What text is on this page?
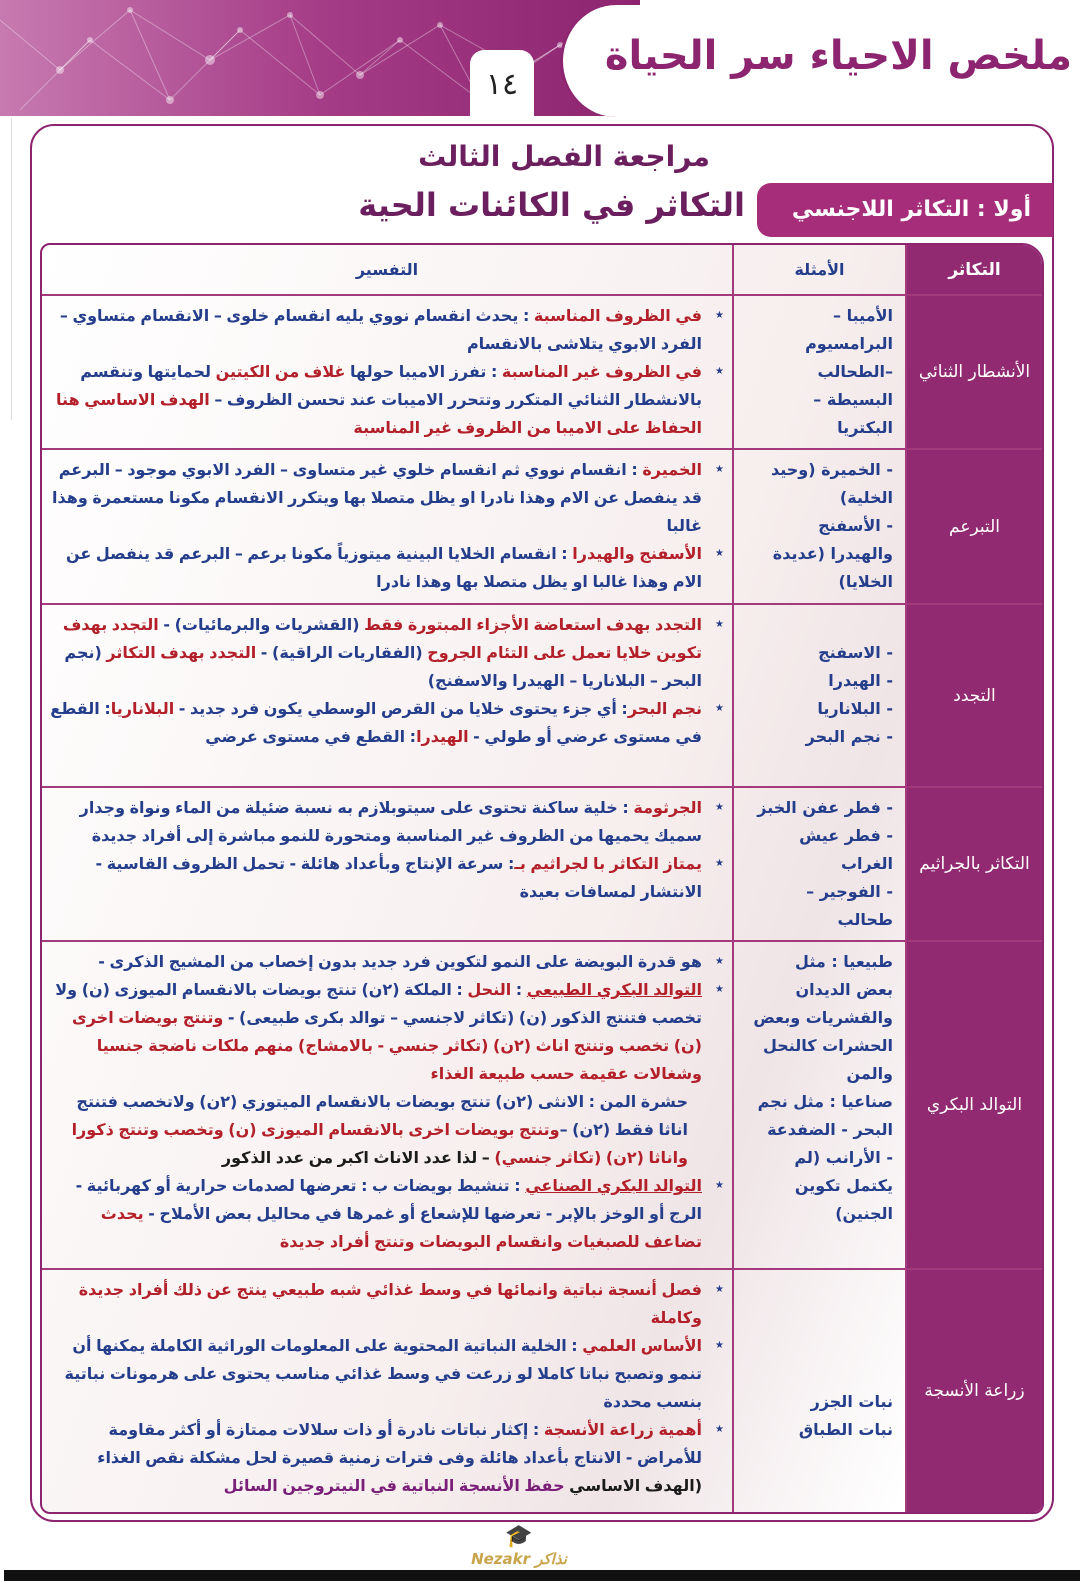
١٤
ملخص الاحياء سر الحياة
التكاثر
الأمثلة
التفسير
الأنشطار الثنائي
الأميبا –
البرامسيوم
–الطحالب
البسيطة –
البكتريا
★ في الظروف المناسبة : يحدث انقسام نووي يليه انقسام خلوى – الانقسام متساوي – الفرد الابوي يتلاشى بالانقسام
★ في الظروف غير المناسبة : تفرز الاميبا حولها غلاف من الكيتين لحمايتها وتنقسم بالانشطار الثنائي المتكرر وتتحرر الاميبات عند تحسن الظروف – الهدف الاساسي هنا الحفاظ على الاميبا من الظروف غير المناسبة
التبرعم
- الخميرة (وحيد
الخلية)
- الأسفنج
والهيدرا (عديدة
الخلايا)
★ الخميرة : انقسام نووي ثم انقسام خلوي غير متساوى – الفرد الابوي موجود – البرعم قد ينفصل عن الام وهذا نادرا او يظل متصلا بها ويتكرر الانقسام مكونا مستعمرة وهذا غالبا
★ الأسفنج والهيدرا : انقسام الخلايا البينية ميتوزياً مكونا برعم – البرعم قد ينفصل عن الام وهذا غالبا او يظل متصلا بها وهذا نادرا
التجدد

- الاسفنج
- الهيدرا
- البلاناريا
- نجم البحر
★ التجدد بهدف استعاضة الأجزاء المبتورة فقط (القشريات والبرمائيات) - التجدد بهدف تكوين خلايا تعمل على التئام الجروح (الفقاريات الراقية) - التجدد بهدف التكاثر (نجم البحر – البلاناريا – الهيدرا والاسفنج)
★ نجم البحر: أي جزء يحتوى خلايا من القرص الوسطي يكون فرد جديد - البلاناريا: القطع في مستوى عرضي أو طولي - الهيدرا: القطع في مستوى عرضي
التكاثر بالجراثيم
- فطر عفن الخبز
- فطر عيش
الغراب
- الفوجير –
طحالب
★ الجرثومة : خلية ساكنة تحتوى على سيتوبلازم به نسبة ضئيلة من الماء ونواة وجدار سميك يحميها من الظروف غير المناسبة ومتحورة للنمو مباشرة إلى أفراد جديدة
★ يمتاز التكاثر با لجراثيم بـ: سرعة الإنتاج وبأعداد هائلة - تحمل الظروف القاسية - الانتشار لمسافات بعيدة
التوالد البكري
طبيعيا : مثل
بعض الديدان
والقشريات وبعض
الحشرات كالنحل
والمن
صناعيا : مثل نجم
البحر - الضفدعة
- الأرانب (لم
يكتمل تكوين
الجنين)
★ هو قدرة البويضة على النمو لتكوين فرد جديد بدون إخصاب من المشيج الذكرى -
★ التوالد البكري الطبيعي : النحل : الملكة (٢ن) تنتج بويضات بالانقسام الميوزى (ن) ولا تخصب فتنتج الذكور (ن) (تكاثر لاجنسي – توالد بكرى طبيعى) - وتنتج بويضات اخرى (ن) تخصب وتنتج اناث (٢ن) (تكاثر جنسي - بالامشاج) منهم ملكات ناضجة جنسيا وشغالات عقيمة حسب طبيعة الغذاء
حشرة المن : الانثى (٢ن) تنتج بويضات بالانقسام الميتوزي (٢ن) ولاتخصب فتنتج اناثا فقط (٢ن) –وتنتج بويضات اخرى بالانقسام الميوزى (ن) وتخصب وتنتج ذكورا واناثا (٢ن) (تكاثر جنسي) – لذا عدد الاناث اكبر من عدد الذكور
★ التوالد البكري الصناعي : تنشيط بويضات ب : تعرضها لصدمات حرارية أو كهربائية - الرج أو الوخز بالإبر - تعرضها للإشعاع أو غمرها في محاليل بعض الأملاح - يحدث تضاعف للصبغيات وانقسام البويضات وتنتج أفراد جديدة
زراعة الأنسجة

نبات الجزر
نبات الطباق
★ فصل أنسجة نباتية وانمائها في وسط غذائي شبه طبيعي ينتج عن ذلك أفراد جديدة وكاملة
★ الأساس العلمي : الخلية النباتية المحتوية على المعلومات الوراثية الكاملة يمكنها أن تنمو وتصبح نباتا كاملا لو زرعت في وسط غذائي مناسب يحتوى على هرمونات نباتية بنسب محددة
★ أهمية زراعة الأنسجة : إكثار نباتات نادرة أو ذات سلالات ممتازة أو أكثر مقاومة للأمراض - الانتاج بأعداد هائلة وفى فترات زمنية قصيرة لحل مشكلة نقص الغذاء (الهدف الاساسي حفظ الأنسجة النباتية في النيتروجين السائل
🎓
Nezakr نذاكر
مراجعة الفصل الثالث
التكاثر في الكائنات الحية	أولا : التكاثر اللاجنسي
